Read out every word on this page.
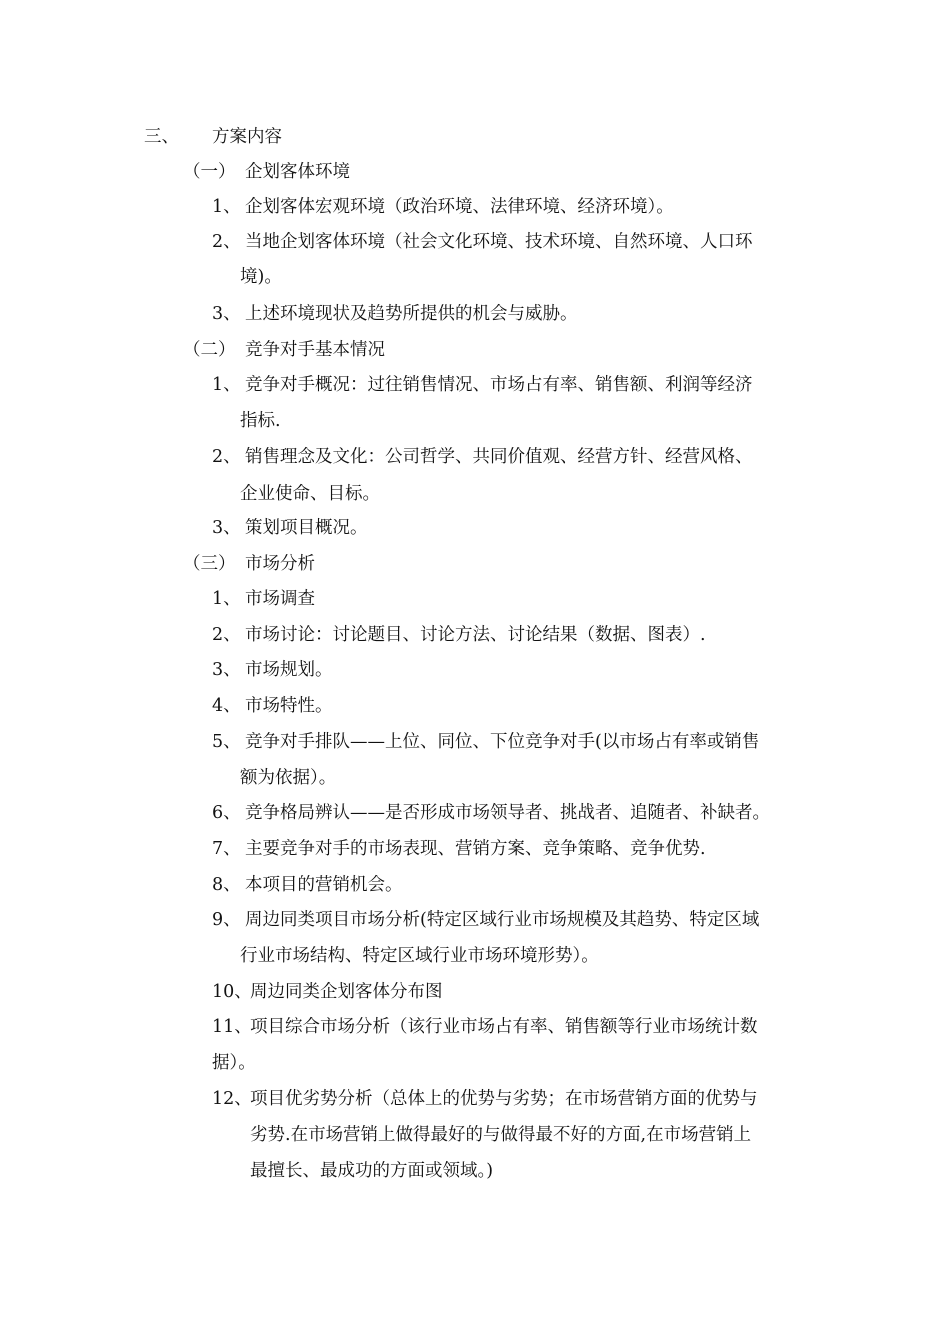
三、 方案内容
（一） 企划客体环境
1、 企划客体宏观环境（政治环境、法律环境、经济环境）。
2、 当地企划客体环境（社会文化环境、技术环境、自然环境、人口环
境)。
3、 上述环境现状及趋势所提供的机会与威胁。
（二） 竞争对手基本情况
1、 竞争对手概况：过往销售情况、市场占有率、销售额、利润等经济
指标.
2、 销售理念及文化：公司哲学、共同价值观、经营方针、经营风格、
企业使命、目标。
3、 策划项目概况。
（三） 市场分析
1、 市场调查
2、 市场讨论：讨论题目、讨论方法、讨论结果（数据、图表）.
3、 市场规划。
4、 市场特性。
5、 竞争对手排队——上位、同位、下位竞争对手(以市场占有率或销售
额为依据）。
6、 竞争格局辨认——是否形成市场领导者、挑战者、追随者、补缺者。
7、 主要竞争对手的市场表现、营销方案、竞争策略、竞争优势.
8、 本项目的营销机会。
9、 周边同类项目市场分析(特定区域行业市场规模及其趋势、特定区域
行业市场结构、特定区域行业市场环境形势）。
10、周边同类企划客体分布图
11、项目综合市场分析（该行业市场占有率、销售额等行业市场统计数
据）。
12、项目优劣势分析（总体上的优势与劣势；在市场营销方面的优势与
劣势.在市场营销上做得最好的与做得最不好的方面,在市场营销上
最擅长、最成功的方面或领域。)
